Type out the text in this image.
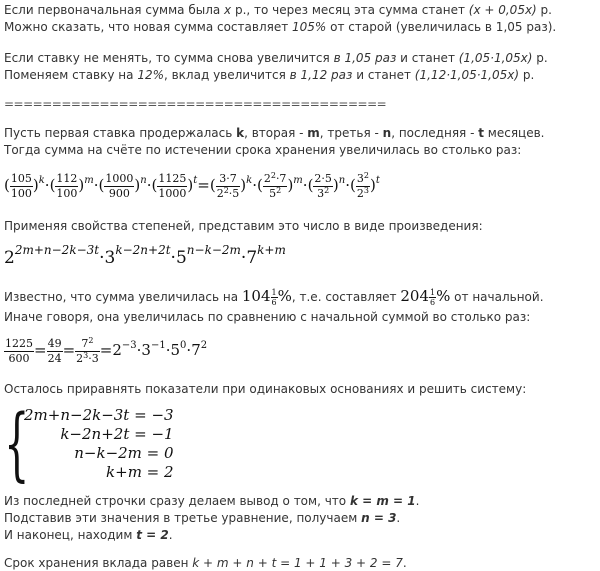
Если первоначальная сумма была x р., то через месяц эта сумма станет (x + 0,05x) р.
Можно сказать, что новая сумма составляет 105% от старой (увеличилась в 1,05 раз).
Если ставку не менять, то сумма снова увеличится в 1,05 раз и станет (1,05·1,05x) р.
Поменяем ставку на 12%, вклад увеличится в 1,12 раз и станет (1,12·1,05·1,05x) р.
========================================
Пусть первая ставка продержалась k, вторая - m, третья - n, последняя - t месяцев.
Тогда сумма на счёте по истечении срока хранения увеличилась во столько раз:
( $\frac{105}{100} )^k\cdot( \frac{112}{100} )^m\cdot( \frac{1000}{900} )^n\cdot( \frac{1125}{1000} )^t=( \frac{3\cdot 7}{2^2\cdot 5} )^k\cdot( \frac{2^2\cdot 7}{5^2} )^m\cdot( \frac{2\cdot 5}{3^2} )^n\cdot( \frac{3^2}{2^3} )^t$
Применяя свойства степеней, представим это число в виде произведения:
$2^{2m+n-2k-3t}\cdot 3^{k-2n+2t}\cdot 5^{n-k-2m}\cdot 7^{k+m}$
Известно, что сумма увеличилась на $104 \frac{1}{6}$ %, т.е. составляет $204 \frac{1}{6}$ % от начальной.
Иначе говоря, она увеличилась по сравнению с начальной суммой во столько раз:
$\frac{1225}{600} = \frac{49}{24} = \frac{7^2}{2^3\cdot 3} =2^{-3}\cdot 3^{-1}\cdot 5^0\cdot 7^2$
Осталось приравнять показатели при одинаковых основаниях и решить систему:
{
2m+n−2k−3t = −3
k−2n+2t = −1
n−k−2m = 0
k+m = 2
Из последней строчки сразу делаем вывод о том, что k = m = 1.
Подставив эти значения в третье уравнение, получаем n = 3.
И наконец, находим t = 2.
Срок хранения вклада равен k + m + n + t = 1 + 1 + 3 + 2 = 7.
